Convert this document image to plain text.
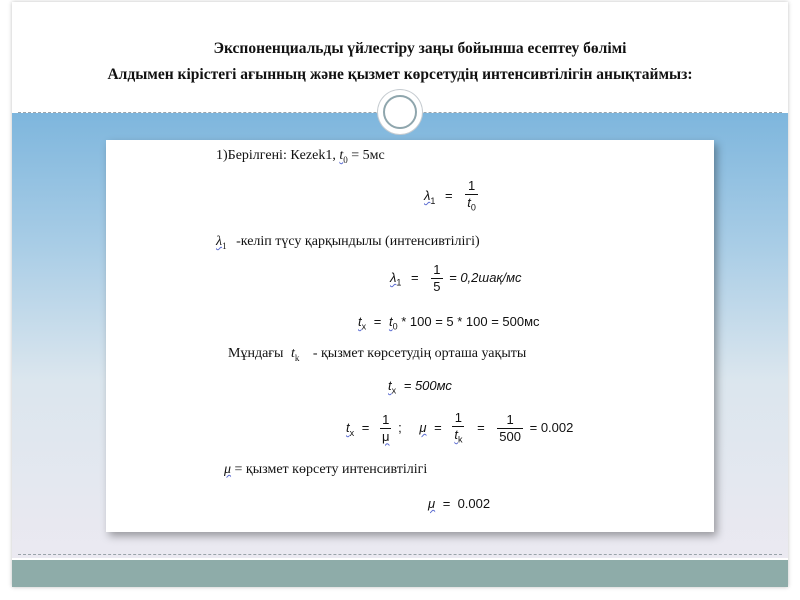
Экспоненциальды үйлестіру заңы бойынша есептеу бөлімі
Алдымен кірістегі ағынның және қызмет көрсетудің интенсивтілігін анықтаймыз:
1)Берілгені: Кezek1, $t_0 = 5мс$
$\lambda_1 = \frac{1}{t_0}$
$\lambda_1$ -келіп түсу қарқындылы (интенсивтілігі)
$\lambda_1 = \frac{1}{5} = 0,2шақ/мс$
$t_x = t_0 * 100 = 5 * 100 = 500мс$
Мұндағы $t_k$ - қызмет көрсетудің орташа уақыты
$t_x = 500мс$
$t_x = \frac{1}{\mu}$ ; $\mu = \frac{1}{t_k} = \frac{1}{500} = 0.002$
μ = қызмет көрсету интенсивтілігі
μ =  0.002
